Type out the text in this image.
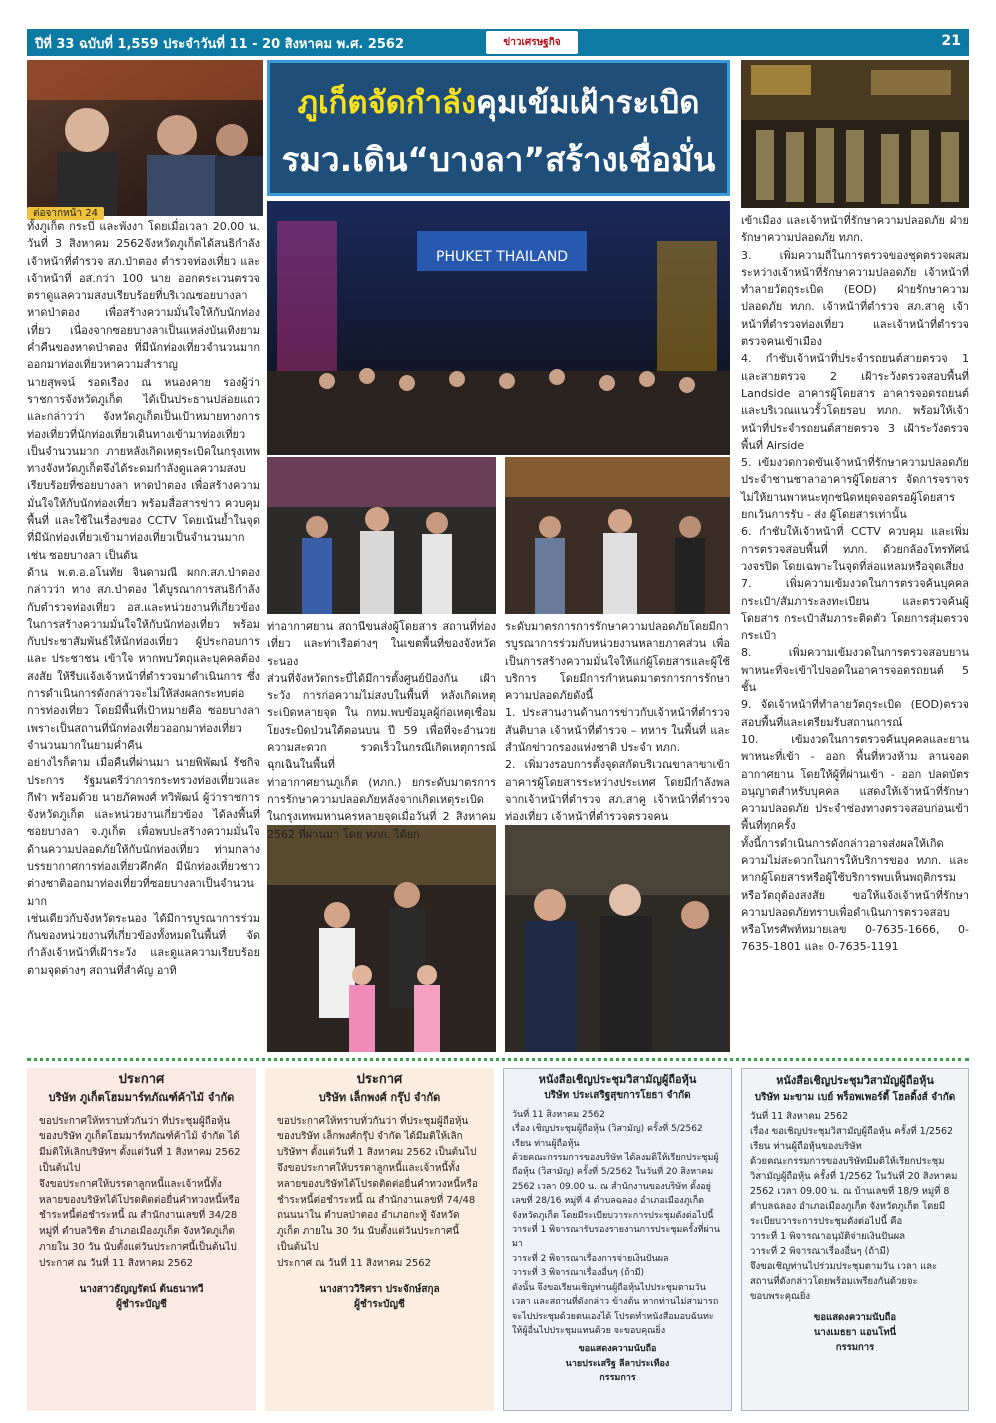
ปีที่ 33 ฉบับที่ 1,559 ประจำวันที่ 11 - 20 สิงหาคม พ.ศ. 2562	ข่าวเศรษฐกิจ	21
ภูเก็ตจัดกำลังคุมเข้มเฝ้าระเบิด
รมว.เดิน“บางลา”สร้างเชื่อมั่น
ต่อจากหน้า 24
PHUKET THAILAND
ทั้งภูเก็ต กระบี่ และพังงา โดยเมื่อเวลา 20.00 น. วันที่ 3 สิงหาคม 2562จังหวัดภูเก็ตได้สนธิกำลังเจ้าหน้าที่ตำรวจ สภ.ป่าตอง ตำรวจท่องเที่ยว และเจ้าหน้าที่ อส.กว่า 100 นาย ออกตระเวนตรวจตราดูแลความสงบเรียบร้อยที่บริเวณซอยบางลา หาดป่าตอง เพื่อสร้างความมั่นใจให้กับนักท่องเที่ยว เนื่องจากซอยบางลาเป็นแหล่งบันเทิงยามค่ำคืนของหาดป่าตอง ที่มีนักท่องเที่ยวจำนวนมากออกมาท่องเที่ยวหาความสำราญ
นายสุพจน์ รอดเรือง ณ หนองคาย รองผู้ว่าราชการจังหวัดภูเก็ต ได้เป็นประธานปล่อยแถวและกล่าวว่า จังหวัดภูเก็ตเป็นเป้าหมายทางการท่องเที่ยวที่นักท่องเที่ยวเดินทางเข้ามาท่องเที่ยวเป็นจำนวนมาก ภายหลังเกิดเหตุระเบิดในกรุงเทพ ทางจังหวัดภูเก็ตจึงได้ระดมกำลังดูแลความสงบเรียบร้อยที่ซอยบางลา หาดป่าตอง เพื่อสร้างความมั่นใจให้กับนักท่องเที่ยว พร้อมสื่อสารข่าว ควบคุมพื้นที่ และใช้ในเรื่องของ CCTV โดยเน้นย้ำในจุดที่มีนักท่องเที่ยวเข้ามาท่องเที่ยวเป็นจำนวนมาก เช่น ซอยบางลา เป็นต้น
ด้าน พ.ต.อ.อโนทัย จินดามณี ผกก.สภ.ป่าตอง กล่าวว่า ทาง สภ.ป่าตอง ได้บูรณาการสนธิกำลังกับตำรวจท่องเที่ยว อส.และหน่วยงานที่เกี่ยวข้องในการสร้างความมั่นใจให้กับนักท่องเที่ยว พร้อมกับประชาสัมพันธ์ให้นักท่องเที่ยว ผู้ประกอบการ และ ประชาชน เข้าใจ หากพบวัตถุและบุคคลต้องสงสัย ให้รีบแจ้งเจ้าหน้าที่ตำรวจมาดำเนินการ ซึ่งการดำเนินการดังกล่าวจะไม่ให้ส่งผลกระทบต่อการท่องเที่ยว โดยมีพื้นที่เป้าหมายคือ ซอยบางลา เพราะเป็นสถานที่นักท่องเที่ยวออกมาท่องเที่ยวจำนวนมากในยามค่ำคืน
อย่างไรก็ตาม เมื่อคืนที่ผ่านมา นายพิพัฒน์ รัชกิจประการ รัฐมนตรีว่าการกระทรวงท่องเที่ยวและกีฬา พร้อมด้วย นายภัคพงศ์ ทวิพัฒน์ ผู้ว่าราชการจังหวัดภูเก็ต และหน่วยงานเกี่ยวข้อง ได้ลงพื้นที่ซอยบางลา จ.ภูเก็ต เพื่อพบปะสร้างความมั่นใจด้านความปลอดภัยให้กับนักท่องเที่ยว ท่ามกลางบรรยากาศการท่องเที่ยวคึกคัก มีนักท่องเที่ยวชาวต่างชาติออกมาท่องเที่ยวที่ซอยบางลาเป็นจำนวนมาก
เช่นเดียวกับจังหวัดระนอง ได้มีการบูรณาการร่วมกันของหน่วยงานที่เกี่ยวข้องทั้งหมดในพื้นที่ จัดกำลังเจ้าหน้าที่เฝ้าระวัง และดูแลความเรียบร้อยตามจุดต่างๆ สถานที่สำคัญ อาทิ
ท่าอากาศยาน สถานีขนส่งผู้โดยสาร สถานที่ท่องเที่ยว และท่าเรือต่างๆ ในเขตพื้นที่ของจังหวัดระนอง
ส่วนที่จังหวัดกระบี่ได้มีการตั้งศูนย์ป้องกัน เฝ้าระวัง การก่อความไม่สงบในพื้นที่ หลังเกิดเหตุระเบิดหลายจุด ใน กทม.พบข้อมูลผู้ก่อเหตุเชื่อมโยงระบิดป่วนใต้ตอนบน ปี 59 เพื่อที่จะอำนวยความสะดวก รวดเร็วในกรณีเกิดเหตุการณ์ฉุกเฉินในพื้นที่
ท่าอากาศยานภูเก็ต (ทภก.) ยกระดับมาตรการการรักษาความปลอดภัยหลังจากเกิดเหตุระเบิดในกรุงเทพมหานครหลายจุดเมื่อวันที่ 2 สิงหาคม 2562 ที่ผ่านมา โดย ทภก. ได้ยก
ระดับมาตรการการรักษาความปลอดภัยโดยมีการบูรณาการร่วมกับหน่วยงานหลายภาคส่วน เพื่อเป็นการสร้างความมั่นใจให้แก่ผู้โดยสารและผู้ใช้บริการ โดยมีการกำหนดมาตรการการรักษาความปลอดภัยดังนี้
1. ประสานงานด้านการข่าวกับเจ้าหน้าที่ตำรวจสันติบาล เจ้าหน้าที่ตำรวจ – ทหาร ในพื้นที่ และสำนักข่าวกรองแห่งชาติ ประจำ ทภก.
2. เพิ่มวงรอบการตั้งจุดสกัดบริเวณขาลาขาเข้า อาคารผู้โดยสารระหว่างประเทศ โดยมีกำลังพลจากเจ้าหน้าที่ตำรวจ สภ.สาคู เจ้าหน้าที่ตำรวจท่องเที่ยว เจ้าหน้าที่ตำรวจตรวจคน
เข้าเมือง และเจ้าหน้าที่รักษาความปลอดภัย ฝ่ายรักษาความปลอดภัย ทภก.
3. เพิ่มความถี่ในการตรวจของชุดตรวจผสมระหว่างเจ้าหน้าที่รักษาความปลอดภัย เจ้าหน้าที่ทำลายวัตถุระเบิด (EOD) ฝ่ายรักษาความปลอดภัย ทภก. เจ้าหน้าที่ตำรวจ สภ.สาคู เจ้าหน้าที่ตำรวจท่องเที่ยว และเจ้าหน้าที่ตำรวจตรวจคนเข้าเมือง
4. กำชับเจ้าหน้าที่ประจำรถยนต์สายตรวจ 1 และสายตรวจ 2 เฝ้าระวังตรวจสอบพื้นที่ Landside อาคารผู้โดยสาร อาคารจอดรถยนต์ และบริเวณแนวรั้วโดยรอบ ทภก. พร้อมให้เจ้าหน้าที่ประจำรถยนต์สายตรวจ 3 เฝ้าระวังตรวจพื้นที่ Airside
5. เข้มงวดกวดขันเจ้าหน้าที่รักษาความปลอดภัย ประจำชานชาลาอาคารผู้โดยสาร จัดการจราจรไม่ให้ยานพาหนะทุกชนิดหยุดจอดรอผู้โดยสาร ยกเว้นการรับ - ส่ง ผู้โดยสารเท่านั้น
6. กำชับให้เจ้าหน้าที่ CCTV ควบคุม และเพิ่มการตรวจสอบพื้นที่ ทภก. ด้วยกล้องโทรทัศน์วงจรปิด โดยเฉพาะในจุดที่ล่อแหลมหรือจุดเสี่ยง
7. เพิ่มความเข้มงวดในการตรวจค้นบุคคล กระเป๋า/สัมภาระลงทะเบียน และตรวจค้นผู้โดยสาร กระเป๋าสัมภาระติดตัว โดยการสุ่มตรวจกระเป๋า
8. เพิ่มความเข้มงวดในการตรวจสอบยานพาหนะที่จะเข้าไปจอดในอาคารจอดรถยนต์ 5 ชั้น
9. จัดเจ้าหน้าที่ทำลายวัตถุระเบิด (EOD)ตรวจสอบพื้นที่และเตรียมรับสถานการณ์
10. เข้มงวดในการตรวจค้นบุคคลและยานพาหนะที่เข้า - ออก พื้นที่หวงห้าม ลานจอดอากาศยาน โดยให้ผู้ที่ผ่านเข้า - ออก ปลดบัตรอนุญาตสำหรับบุคคล แสดงให้เจ้าหน้าที่รักษาความปลอดภัย ประจำช่องทางตรวจสอบก่อนเข้าพื้นที่ทุกครั้ง
ทั้งนี้การดำเนินการดังกล่าวอาจส่งผลให้เกิดความไม่สะดวกในการให้บริการของ ทภก. และหากผู้โดยสารหรือผู้ใช้บริการพบเห็นพฤติกรรมหรือวัตถุต้องสงสัย ขอให้แจ้งเจ้าหน้าที่รักษาความปลอดภัยทราบเพื่อดำเนินการตรวจสอบ หรือโทรศัพท์หมายเลข 0-7635-1666, 0-7635-1801 และ 0-7635-1191
ประกาศ
บริษัท ภูเก็ตโฮมมาร์ทภัณฑ์ค้าไม้ จำกัด
ขอประกาศให้ทราบทั่วกันว่า ที่ประชุมผู้ถือหุ้นของบริษัท ภูเก็ตโฮมมาร์ทภัณฑ์ค้าไม้ จำกัด ได้มีมติให้เลิกบริษัทฯ ตั้งแต่วันที่ 1 สิงหาคม 2562 เป็นต้นไป
จึงขอประกาศให้บรรดาลูกหนี้และเจ้าหนี้ทั้งหลายของบริษัทได้โปรดติดต่อยื่นคำทวงหนี้หรือชำระหนี้ต่อชำระหนี้ ณ สำนักงานเลขที่ 34/28 หมู่ที่ ตำบลวิชิต อำเภอเมืองภูเก็ต จังหวัดภูเก็ต ภายใน 30 วัน นับตั้งแต่วันประกาศนี้เป็นต้นไป
ประกาศ ณ วันที่ 11 สิงหาคม 2562
นางสาวธัญญรัตน์ ต้นธนาทวี
ผู้ชำระบัญชี
ประกาศ
บริษัท เล็กพงศ์ กรุ๊ป จำกัด
ขอประกาศให้ทราบทั่วกันว่า ที่ประชุมผู้ถือหุ้นของบริษัท เล็กพงศ์กรุ๊ป จำกัด ได้มีมติให้เลิกบริษัทฯ ตั้งแต่วันที่ 1 สิงหาคม 2562 เป็นต้นไป
จึงขอประกาศให้บรรดาลูกหนี้และเจ้าหนี้ทั้งหลายของบริษัทได้โปรดติดต่อยื่นคำทวงหนี้หรือชำระหนี้ต่อชำระหนี้ ณ สำนักงานเลขที่ 74/48 ถนนนาใน ตำบลป่าตอง อำเภอกะทู้ จังหวัดภูเก็ต ภายใน 30 วัน นับตั้งแต่วันประกาศนี้เป็นต้นไป
ประกาศ ณ วันที่ 11 สิงหาคม 2562
นางสาววิริศรา ประจักษ์สกุล
ผู้ชำระบัญชี
หนังสือเชิญประชุมวิสามัญผู้ถือหุ้น
บริษัท ประเสริฐสุขการโยธา จำกัด
วันที่ 11 สิงหาคม 2562
เรื่อง เชิญประชุมผู้ถือหุ้น (วิสามัญ) ครั้งที่ 5/2562
เรียน ท่านผู้ถือหุ้น
ด้วยคณะกรรมการของบริษัท ได้ลงมติให้เรียกประชุมผู้ถือหุ้น (วิสามัญ) ครั้งที่ 5/2562 ในวันที่ 20 สิงหาคม 2562 เวลา 09.00 น. ณ สำนักงานของบริษัท ตั้งอยู่เลขที่ 28/16 หมู่ที่ 4 ตำบลฉลอง อำเภอเมืองภูเก็ต จังหวัดภูเก็ต โดยมีระเบียบวาระการประชุมดังต่อไปนี้
วาระที่ 1 พิจารณารับรองรายงานการประชุมครั้งที่ผ่านมา
วาระที่ 2 พิจารณาเรื่องการจ่ายเงินปันผล
วาระที่ 3 พิจารณาเรื่องอื่นๆ (ถ้ามี)
ดังนั้น จึงขอเรียนเชิญท่านผู้ถือหุ้นไปประชุมตามวัน เวลา และสถานที่ดังกล่าว ข้างต้น หากท่านไม่สามารถจะไปประชุมด้วยตนเองได้ โปรดทำหนังสือมอบฉันทะให้ผู้อื่นไปประชุมแทนด้วย จะขอบคุณยิ่ง
ขอแสดงความนับถือ
นายประเสริฐ ลีลาประเทือง
กรรมการ
หนังสือเชิญประชุมวิสามัญผู้ถือหุ้น
บริษัท มะขาม เบย์ พร็อพเพอร์ตี้ โฮลดิ้งส์ จำกัด
วันที่ 11 สิงหาคม 2562
เรื่อง ขอเชิญประชุมวิสามัญผู้ถือหุ้น ครั้งที่ 1/2562
เรียน ท่านผู้ถือหุ้นของบริษัท
ด้วยคณะกรรมการของบริษัทมีมติให้เรียกประชุมวิสามัญผู้ถือหุ้น ครั้งที่ 1/2562 ในวันที่ 20 สิงหาคม 2562 เวลา 09.00 น. ณ บ้านเลขที่ 18/9 หมู่ที่ 8 ตำบลฉลอง อำเภอเมืองภูเก็ต จังหวัดภูเก็ต โดยมีระเบียบวาระการประชุมดังต่อไปนี้ คือ
วาระที่ 1 พิจารณาอนุมัติจ่ายเงินปันผล
วาระที่ 2 พิจารณาเรื่องอื่นๆ (ถ้ามี)
จึงขอเชิญท่านไปร่วมประชุมตามวัน เวลา และสถานที่ดังกล่าวโดยพร้อมเพรียงกันด้วยจะขอบพระคุณยิ่ง
ขอแสดงความนับถือ
นางเมธยา แอนโทนี่
กรรมการ
